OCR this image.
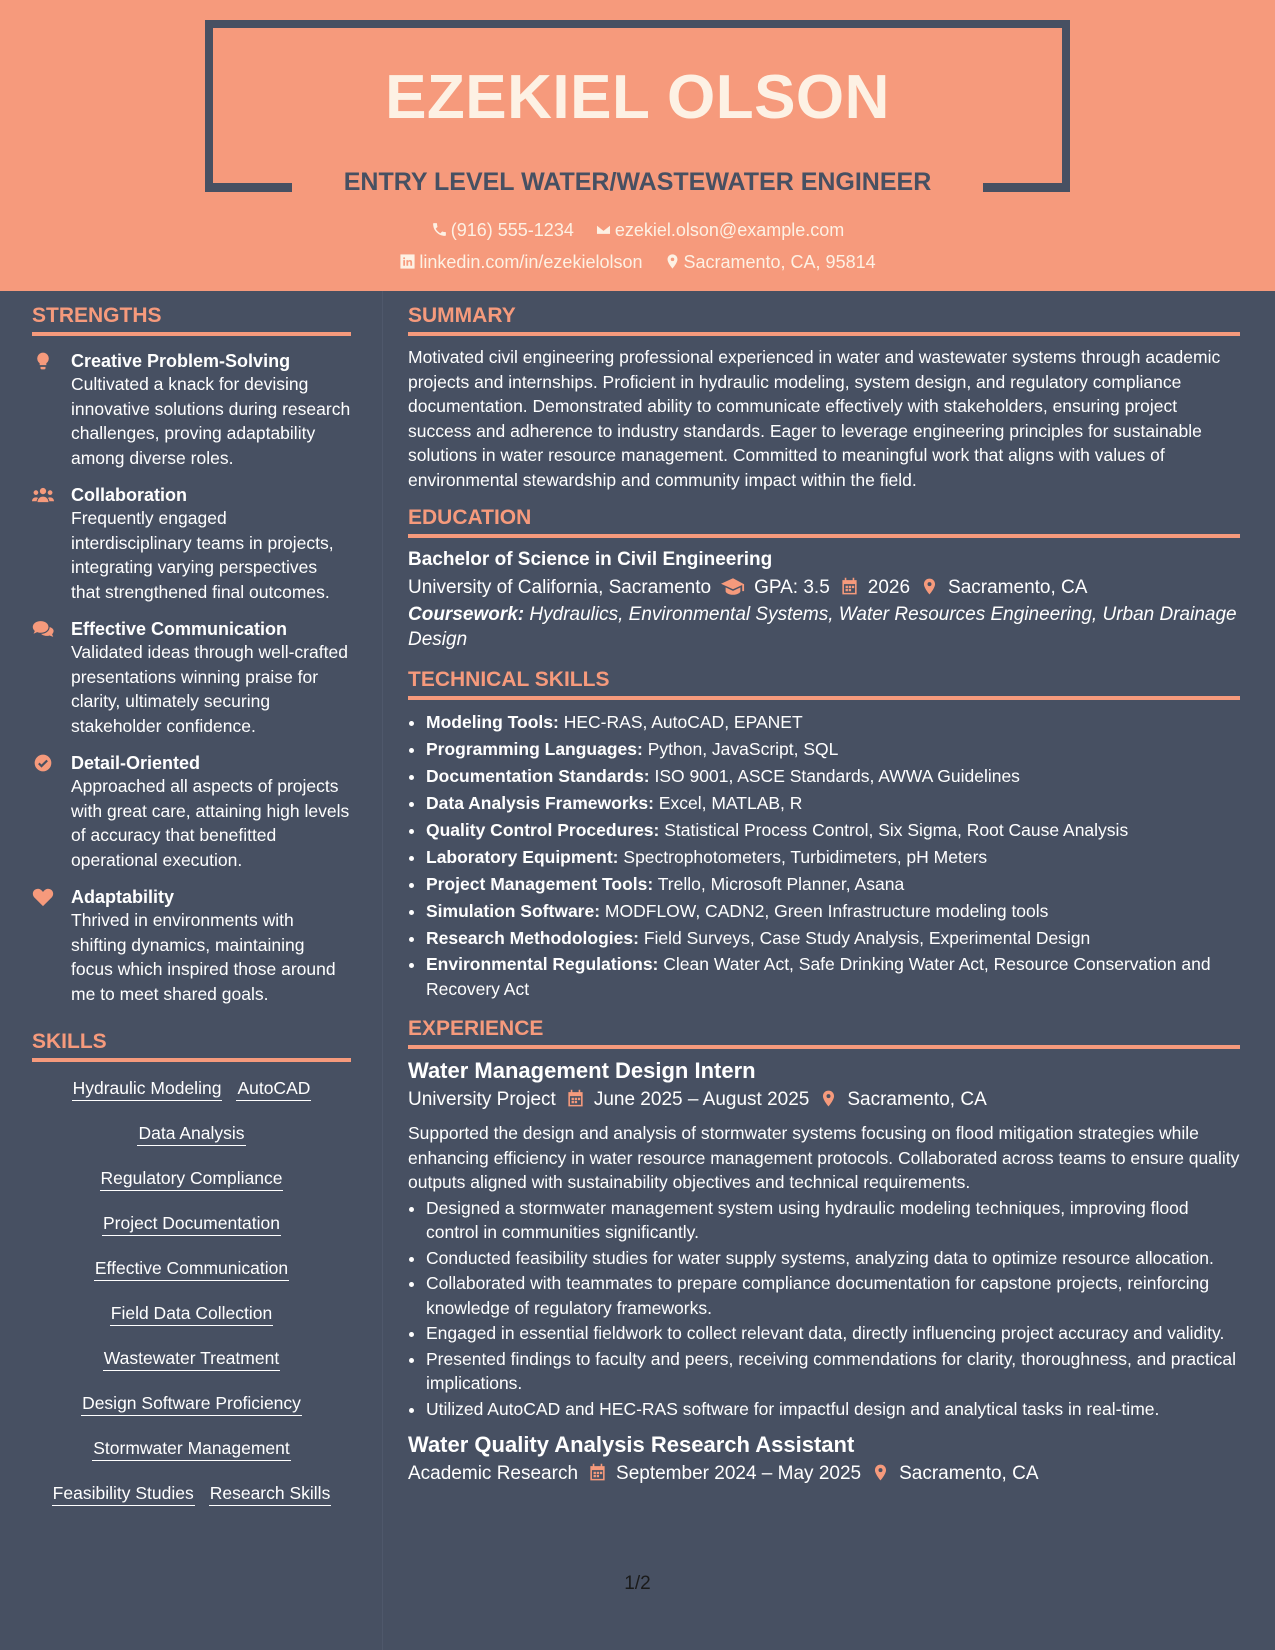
EZEKIEL OLSON
ENTRY LEVEL WATER/WASTEWATER ENGINEER
(916) 555-1234 ezekiel.olson@example.com
linkedin.com/in/ezekielolson Sacramento, CA, 95814
STRENGTHS
Creative Problem-Solving
Cultivated a knack for devising innovative solutions during research challenges, proving adaptability among diverse roles.
Collaboration
Frequently engaged interdisciplinary teams in projects, integrating varying perspectives that strengthened final outcomes.
Effective Communication
Validated ideas through well-crafted presentations winning praise for clarity, ultimately securing stakeholder confidence.
Detail-Oriented
Approached all aspects of projects with great care, attaining high levels of accuracy that benefitted operational execution.
Adaptability
Thrived in environments with shifting dynamics, maintaining focus which inspired those around me to meet shared goals.
SKILLS
Hydraulic Modeling AutoCAD
Data Analysis
Regulatory Compliance
Project Documentation
Effective Communication
Field Data Collection
Wastewater Treatment
Design Software Proficiency
Stormwater Management
Feasibility Studies Research Skills
SUMMARY
Motivated civil engineering professional experienced in water and wastewater systems through academic projects and internships. Proficient in hydraulic modeling, system design, and regulatory compliance documentation. Demonstrated ability to communicate effectively with stakeholders, ensuring project success and adherence to industry standards. Eager to leverage engineering principles for sustainable solutions in water resource management. Committed to meaningful work that aligns with values of environmental stewardship and community impact within the field.
EDUCATION
Bachelor of Science in Civil Engineering
University of California, Sacramento GPA: 3.5 2026 Sacramento, CA
Coursework: Hydraulics, Environmental Systems, Water Resources Engineering, Urban Drainage Design
TECHNICAL SKILLS
• Modeling Tools: HEC-RAS, AutoCAD, EPANET
• Programming Languages: Python, JavaScript, SQL
• Documentation Standards: ISO 9001, ASCE Standards, AWWA Guidelines
• Data Analysis Frameworks: Excel, MATLAB, R
• Quality Control Procedures: Statistical Process Control, Six Sigma, Root Cause Analysis
• Laboratory Equipment: Spectrophotometers, Turbidimeters, pH Meters
• Project Management Tools: Trello, Microsoft Planner, Asana
• Simulation Software: MODFLOW, CADN2, Green Infrastructure modeling tools
• Research Methodologies: Field Surveys, Case Study Analysis, Experimental Design
• Environmental Regulations: Clean Water Act, Safe Drinking Water Act, Resource Conservation and Recovery Act
EXPERIENCE
Water Management Design Intern
University Project June 2025 – August 2025 Sacramento, CA
Supported the design and analysis of stormwater systems focusing on flood mitigation strategies while enhancing efficiency in water resource management protocols. Collaborated across teams to ensure quality outputs aligned with sustainability objectives and technical requirements.
• Designed a stormwater management system using hydraulic modeling techniques, improving flood control in communities significantly.
• Conducted feasibility studies for water supply systems, analyzing data to optimize resource allocation.
• Collaborated with teammates to prepare compliance documentation for capstone projects, reinforcing knowledge of regulatory frameworks.
• Engaged in essential fieldwork to collect relevant data, directly influencing project accuracy and validity.
• Presented findings to faculty and peers, receiving commendations for clarity, thoroughness, and practical implications.
• Utilized AutoCAD and HEC-RAS software for impactful design and analytical tasks in real-time.
Water Quality Analysis Research Assistant
Academic Research September 2024 – May 2025 Sacramento, CA
1/2
